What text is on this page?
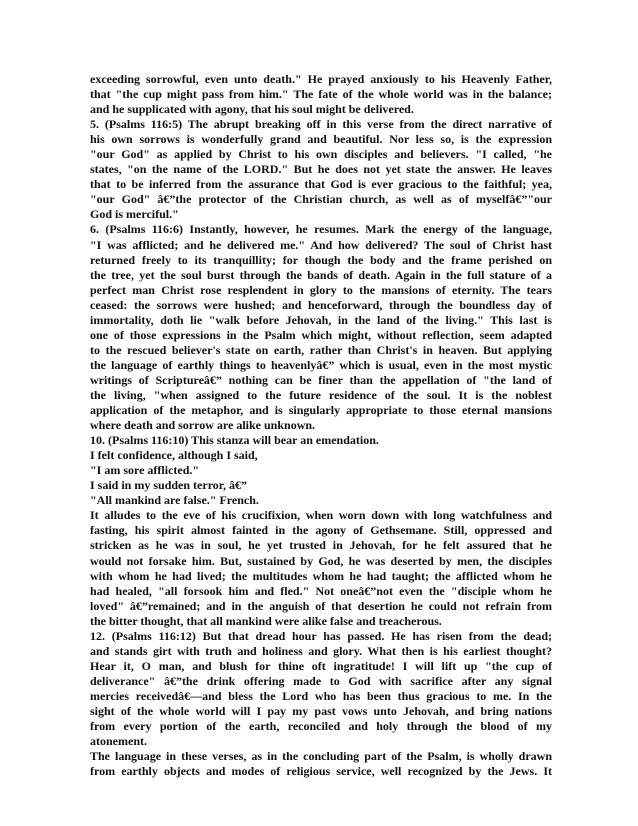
exceeding sorrowful, even unto death." He prayed anxiously to his Heavenly Father,
that "the cup might pass from him." The fate of the whole world was in the balance;
and he supplicated with agony, that his soul might be delivered.
5. (Psalms 116:5) The abrupt breaking off in this verse from the direct narrative of
his own sorrows is wonderfully grand and beautiful. Nor less so, is the expression
"our God" as applied by Christ to his own disciples and believers. "I called, "he
states, "on the name of the LORD." But he does not yet state the answer. He leaves
that to be inferred from the assurance that God is ever gracious to the faithful; yea,
"our God" â€”the protector of the Christian church, as well as of myselfâ€”"our
God is merciful."
6. (Psalms 116:6) Instantly, however, he resumes. Mark the energy of the language,
"I was afflicted; and he delivered me." And how delivered? The soul of Christ hast
returned freely to its tranquillity; for though the body and the frame perished on
the tree, yet the soul burst through the bands of death. Again in the full stature of a
perfect man Christ rose resplendent in glory to the mansions of eternity. The tears
ceased: the sorrows were hushed; and henceforward, through the boundless day of
immortality, doth lie "walk before Jehovah, in the land of the living." This last is
one of those expressions in the Psalm which might, without reflection, seem adapted
to the rescued believer's state on earth, rather than Christ's in heaven. But applying
the language of earthly things to heavenlyâ€” which is usual, even in the most mystic
writings of Scriptureâ€” nothing can be finer than the appellation of "the land of
the living, "when assigned to the future residence of the soul. It is the noblest
application of the metaphor, and is singularly appropriate to those eternal mansions
where death and sorrow are alike unknown.
10. (Psalms 116:10) This stanza will bear an emendation.
I felt confidence, although I said,
"I am sore afflicted."
I said in my sudden terror, â€”
"All mankind are false." French.
It alludes to the eve of his crucifixion, when worn down with long watchfulness and
fasting, his spirit almost fainted in the agony of Gethsemane. Still, oppressed and
stricken as he was in soul, he yet trusted in Jehovah, for he felt assured that he
would not forsake him. But, sustained by God, he was deserted by men, the disciples
with whom he had lived; the multitudes whom he had taught; the afflicted whom he
had healed, "all forsook him and fled." Not oneâ€”not even the "disciple whom he
loved" â€”remained; and in the anguish of that desertion he could not refrain from
the bitter thought, that all mankind were alike false and treacherous.
12. (Psalms 116:12) But that dread hour has passed. He has risen from the dead;
and stands girt with truth and holiness and glory. What then is his earliest thought?
Hear it, O man, and blush for thine oft ingratitude! I will lift up "the cup of
deliverance" â€”the drink offering made to God with sacrifice after any signal
mercies receivedâ€—and bless the Lord who has been thus gracious to me. In the
sight of the whole world will I pay my past vows unto Jehovah, and bring nations
from every portion of the earth, reconciled and holy through the blood of my
atonement.
The language in these verses, as in the concluding part of the Psalm, is wholly drawn
from earthly objects and modes of religious service, well recognized by the Jews. It
